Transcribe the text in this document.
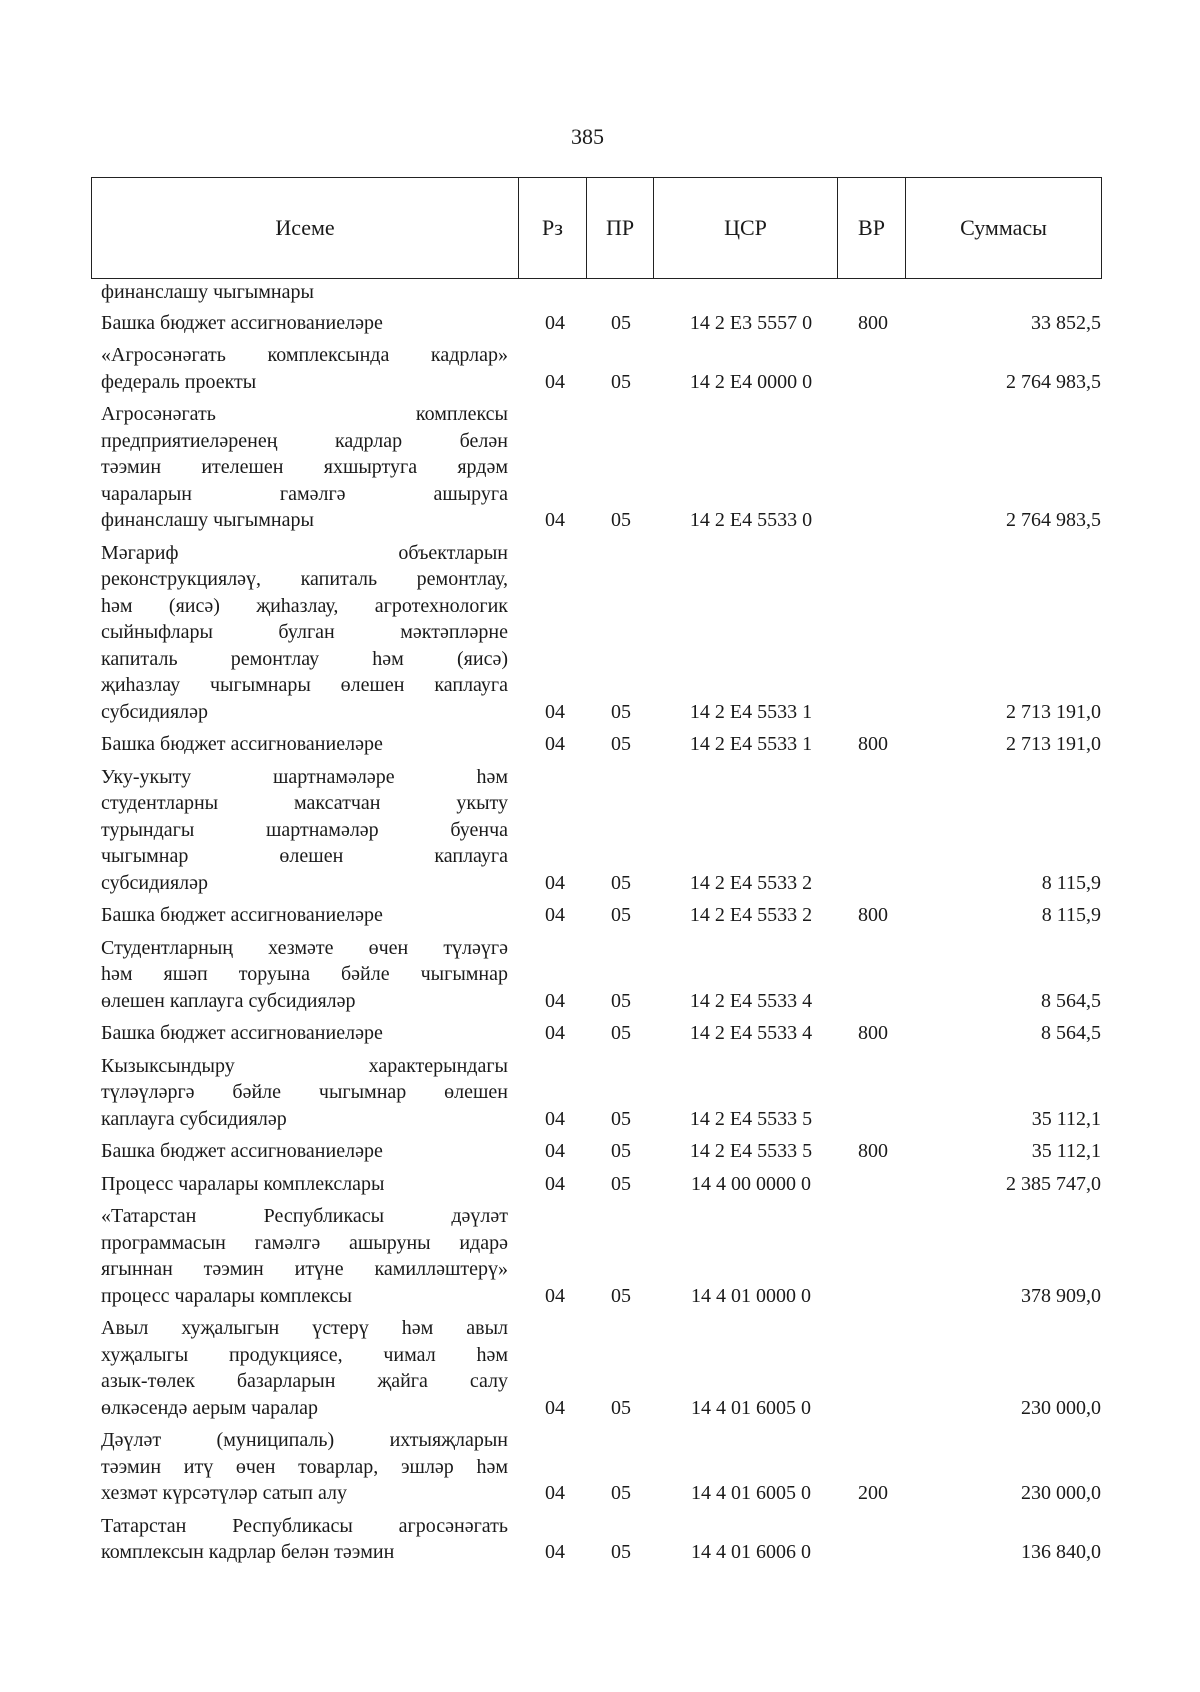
385
Исеме	Рз	ПР	ЦСР	ВР	Суммасы
финанслашу чыгымнары
Башка бюджет ассигнованиеләре	04 05	14 2 Е3 5557 0	800	33 852,5
«Агросәнәгать комплексында кадрлар»
федераль проекты	04 05	14 2 Е4 0000 0	2 764 983,5
Агросәнәгать комплексы
предприятиеләренең кадрлар белән
тәэмин ителешен яхшыртуга ярдәм
чараларын гамәлгә ашыруга
финанслашу чыгымнары	04 05	14 2 Е4 5533 0	2 764 983,5
Мәгариф объектларын
реконструкцияләү, капиталь ремонтлау,
һәм (яисә) җиһазлау, агротехнологик
сыйныфлары булган мәктәпләрне
капиталь ремонтлау һәм (яисә)
җиһазлау чыгымнары өлешен каплауга
субсидияләр	04 05	14 2 Е4 5533 1	2 713 191,0
Башка бюджет ассигнованиеләре	04 05	14 2 Е4 5533 1	800	2 713 191,0
Уку-укыту шартнамәләре һәм
студентларны максатчан укыту
турындагы шартнамәләр буенча
чыгымнар өлешен каплауга
субсидияләр	04 05	14 2 Е4 5533 2	8 115,9
Башка бюджет ассигнованиеләре	04 05	14 2 Е4 5533 2	800	8 115,9
Студентларның хезмәте өчен түләүгә
һәм яшәп торуына бәйле чыгымнар
өлешен каплауга субсидияләр	04 05	14 2 Е4 5533 4	8 564,5
Башка бюджет ассигнованиеләре	04 05	14 2 Е4 5533 4	800	8 564,5
Кызыксындыру характерындагы
түләүләргә бәйле чыгымнар өлешен
каплауга субсидияләр	04 05	14 2 Е4 5533 5	35 112,1
Башка бюджет ассигнованиеләре	04 05	14 2 Е4 5533 5	800	35 112,1
Процесс чаралары комплекслары	04 05	14 4 00 0000 0	2 385 747,0
«Татарстан Республикасы дәүләт
программасын гамәлгә ашыруны идарә
ягыннан тәэмин итүне камилләштерү»
процесс чаралары комплексы	04 05	14 4 01 0000 0	378 909,0
Авыл хуҗалыгын үстерү һәм авыл
хуҗалыгы продукциясе, чимал һәм
азык-төлек базарларын җайга салу
өлкәсендә аерым чаралар	04 05	14 4 01 6005 0	230 000,0
Дәүләт (муниципаль) ихтыяҗларын
тәэмин итү өчен товарлар, эшләр һәм
хезмәт күрсәтүләр сатып алу	04 05	14 4 01 6005 0	200	230 000,0
Татарстан Республикасы агросәнәгать
комплексын кадрлар белән тәэмин	04 05	14 4 01 6006 0	136 840,0
